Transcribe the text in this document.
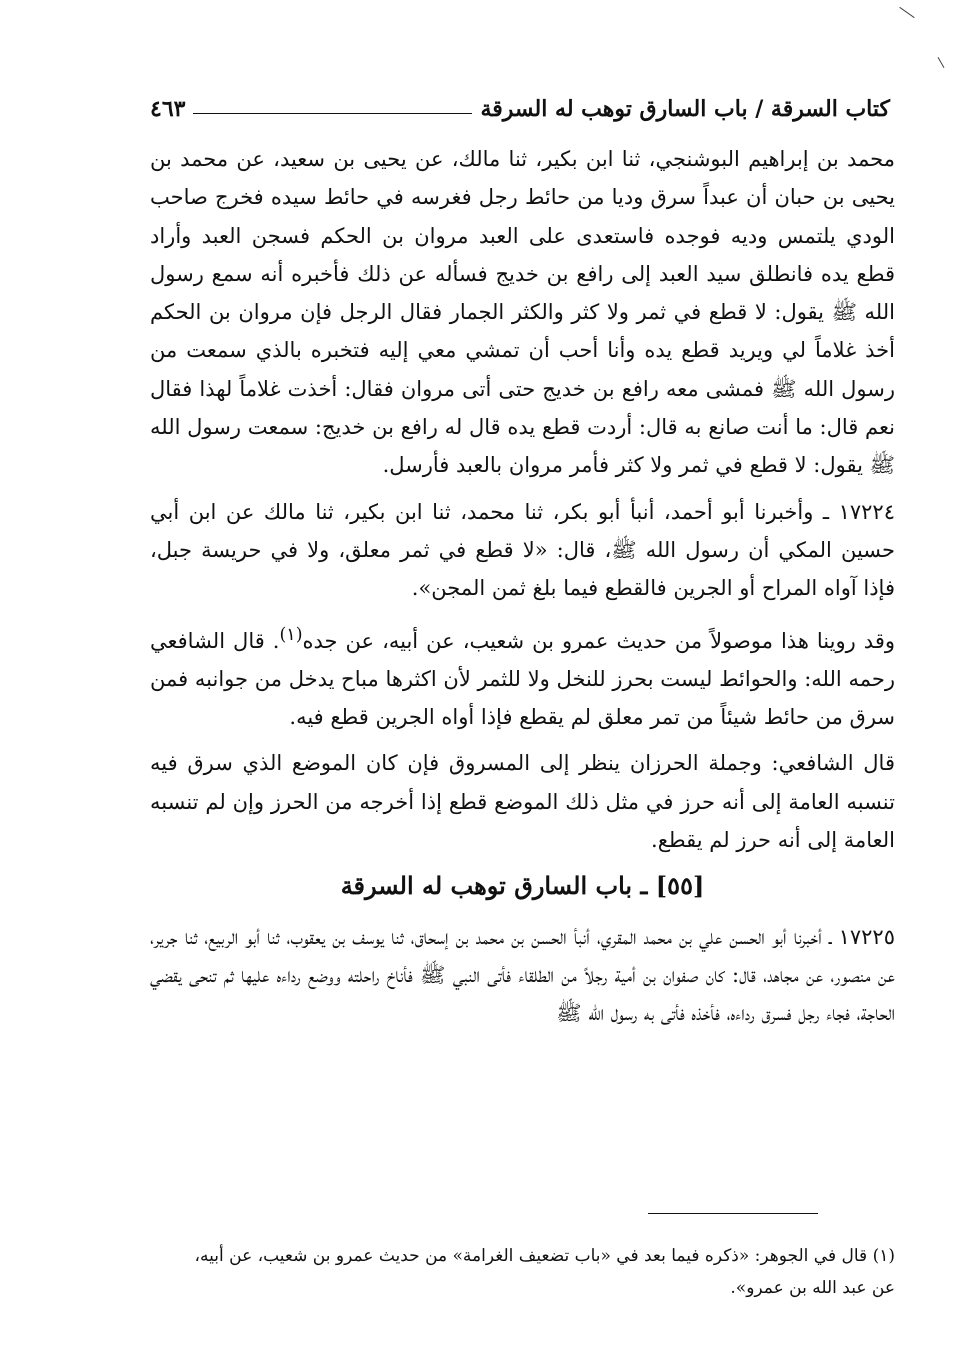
كتاب السرقة / باب السارق توهب له السرقة
٤٦٣

محمد بن إبراهيم البوشنجي، ثنا ابن بكير، ثنا مالك، عن يحيى بن سعيد، عن محمد بن يحيى بن حبان أن عبداً سرق وديا من حائط رجل فغرسه في حائط سيده فخرج صاحب الودي يلتمس وديه فوجده فاستعدى على العبد مروان بن الحكم فسجن العبد وأراد قطع يده فانطلق سيد العبد إلى رافع بن خديج فسأله عن ذلك فأخبره أنه سمع رسول الله ﷺ يقول: لا قطع في ثمر ولا كثر والكثر الجمار فقال الرجل فإن مروان بن الحكم أخذ غلاماً لي ويريد قطع يده وأنا أحب أن تمشي معي إليه فتخبره بالذي سمعت من رسول الله ﷺ فمشى معه رافع بن خديج حتى أتى مروان فقال: أخذت غلاماً لهذا فقال نعم قال: ما أنت صانع به قال: أردت قطع يده قال له رافع بن خديج: سمعت رسول الله ﷺ يقول: لا قطع في ثمر ولا كثر فأمر مروان بالعبد فأرسل.

١٧٢٢٤ ـ وأخبرنا أبو أحمد، أنبأ أبو بكر، ثنا محمد، ثنا ابن بكير، ثنا مالك عن ابن أبي حسين المكي أن رسول الله ﷺ، قال: «لا قطع في ثمر معلق، ولا في حريسة جبل، فإذا آواه المراح أو الجرين فالقطع فيما بلغ ثمن المجن».

وقد روينا هذا موصولاً من حديث عمرو بن شعيب، عن أبيه، عن جده$^{(١)}$. قال الشافعي رحمه الله: والحوائط ليست بحرز للنخل ولا للثمر لأن اكثرها مباح يدخل من جوانبه فمن سرق من حائط شيئاً من تمر معلق لم يقطع فإذا أواه الجرين قطع فيه.

قال الشافعي: وجملة الحرزان ينظر إلى المسروق فإن كان الموضع الذي سرق فيه تنسبه العامة إلى أنه حرز في مثل ذلك الموضع قطع إذا أخرجه من الحرز وإن لم تنسبه العامة إلى أنه حرز لم يقطع.

[٥٥] ـ باب السارق توهب له السرقة

١٧٢٢٥ ـ أخبرنا أبو الحسن علي بن محمد المقري، أنبأ الحسن بن محمد بن إسحاق، ثنا يوسف بن يعقوب، ثنا أبو الربيع، ثنا جرير، عن منصور، عن مجاهد، قال: كان صفوان بن أمية رجلاً من الطلقاء فأتى النبي ﷺ فأناخ راحلته ووضع رداءه عليها ثم تنحى يقضي الحاجة، فجاء رجل فسرق رداءه، فأخذه فأتى به رسول الله ﷺ

(١) قال في الجوهر: «ذكره فيما بعد في «باب تضعيف الغرامة» من حديث عمرو بن شعيب، عن أبيه،

عن عبد الله بن عمرو».
